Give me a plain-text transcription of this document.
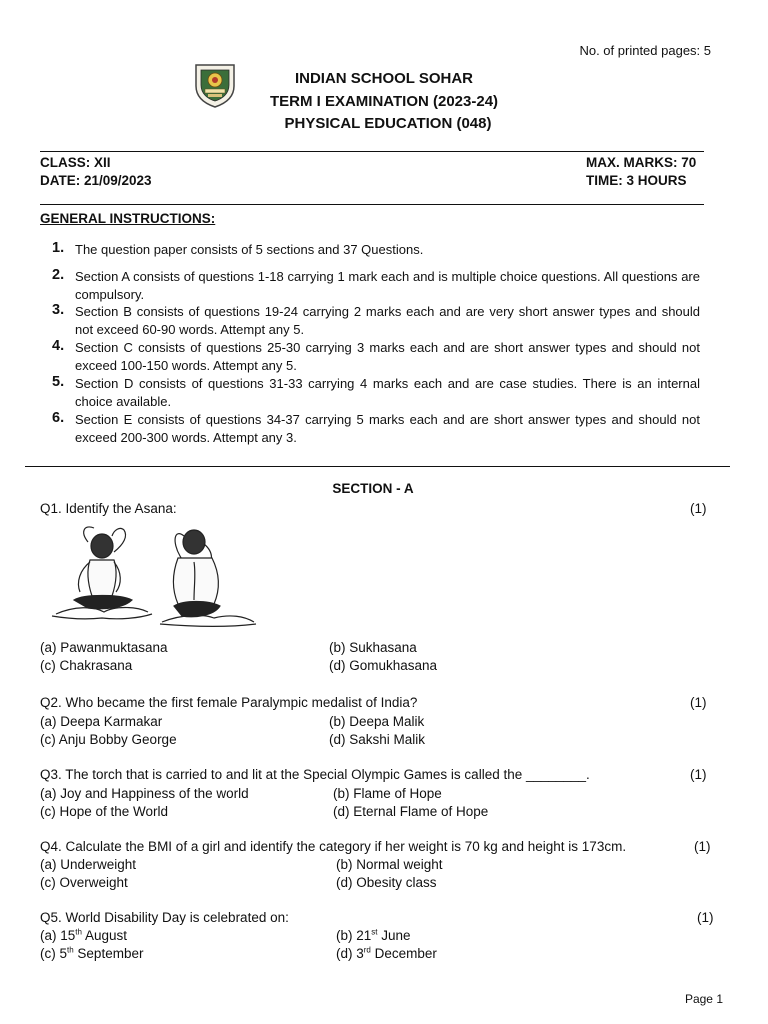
No. of printed pages: 5
INDIAN SCHOOL SOHAR
TERM I EXAMINATION (2023-24)
PHYSICAL EDUCATION (048)
CLASS: XII	MAX. MARKS: 70
DATE: 21/09/2023	TIME: 3 HOURS
GENERAL INSTRUCTIONS:
1. The question paper consists of 5 sections and 37 Questions.
2. Section A consists of questions 1-18 carrying 1 mark each and is multiple choice questions. All questions are compulsory.
3. Section B consists of questions 19-24 carrying 2 marks each and are very short answer types and should not exceed 60-90 words. Attempt any 5.
4. Section C consists of questions 25-30 carrying 3 marks each and are short answer types and should not exceed 100-150 words. Attempt any 5.
5. Section D consists of questions 31-33 carrying 4 marks each and are case studies. There is an internal choice available.
6. Section E consists of questions 34-37 carrying 5 marks each and are short answer types and should not exceed 200-300 words. Attempt any 3.
SECTION - A
Q1. Identify the Asana:	(1)
(a) Pawanmuktasana	(b) Sukhasana
(c) Chakrasana	(d) Gomukhasana
Q2. Who became the first female Paralympic medalist of India?	(1)
(a) Deepa Karmakar	(b) Deepa Malik
(c) Anju Bobby George	(d) Sakshi Malik
Q3. The torch that is carried to and lit at the Special Olympic Games is called the ________.	(1)
(a) Joy and Happiness of the world	(b) Flame of Hope
(c) Hope of the World	(d) Eternal Flame of Hope
Q4. Calculate the BMI of a girl and identify the category if her weight is 70 kg and height is 173cm.	(1)
(a) Underweight	(b) Normal weight
(c) Overweight	(d) Obesity class
Q5. World Disability Day is celebrated on:	(1)
(a) 15th August	(b) 21st June
(c) 5th September	(d) 3rd December
Page 1
